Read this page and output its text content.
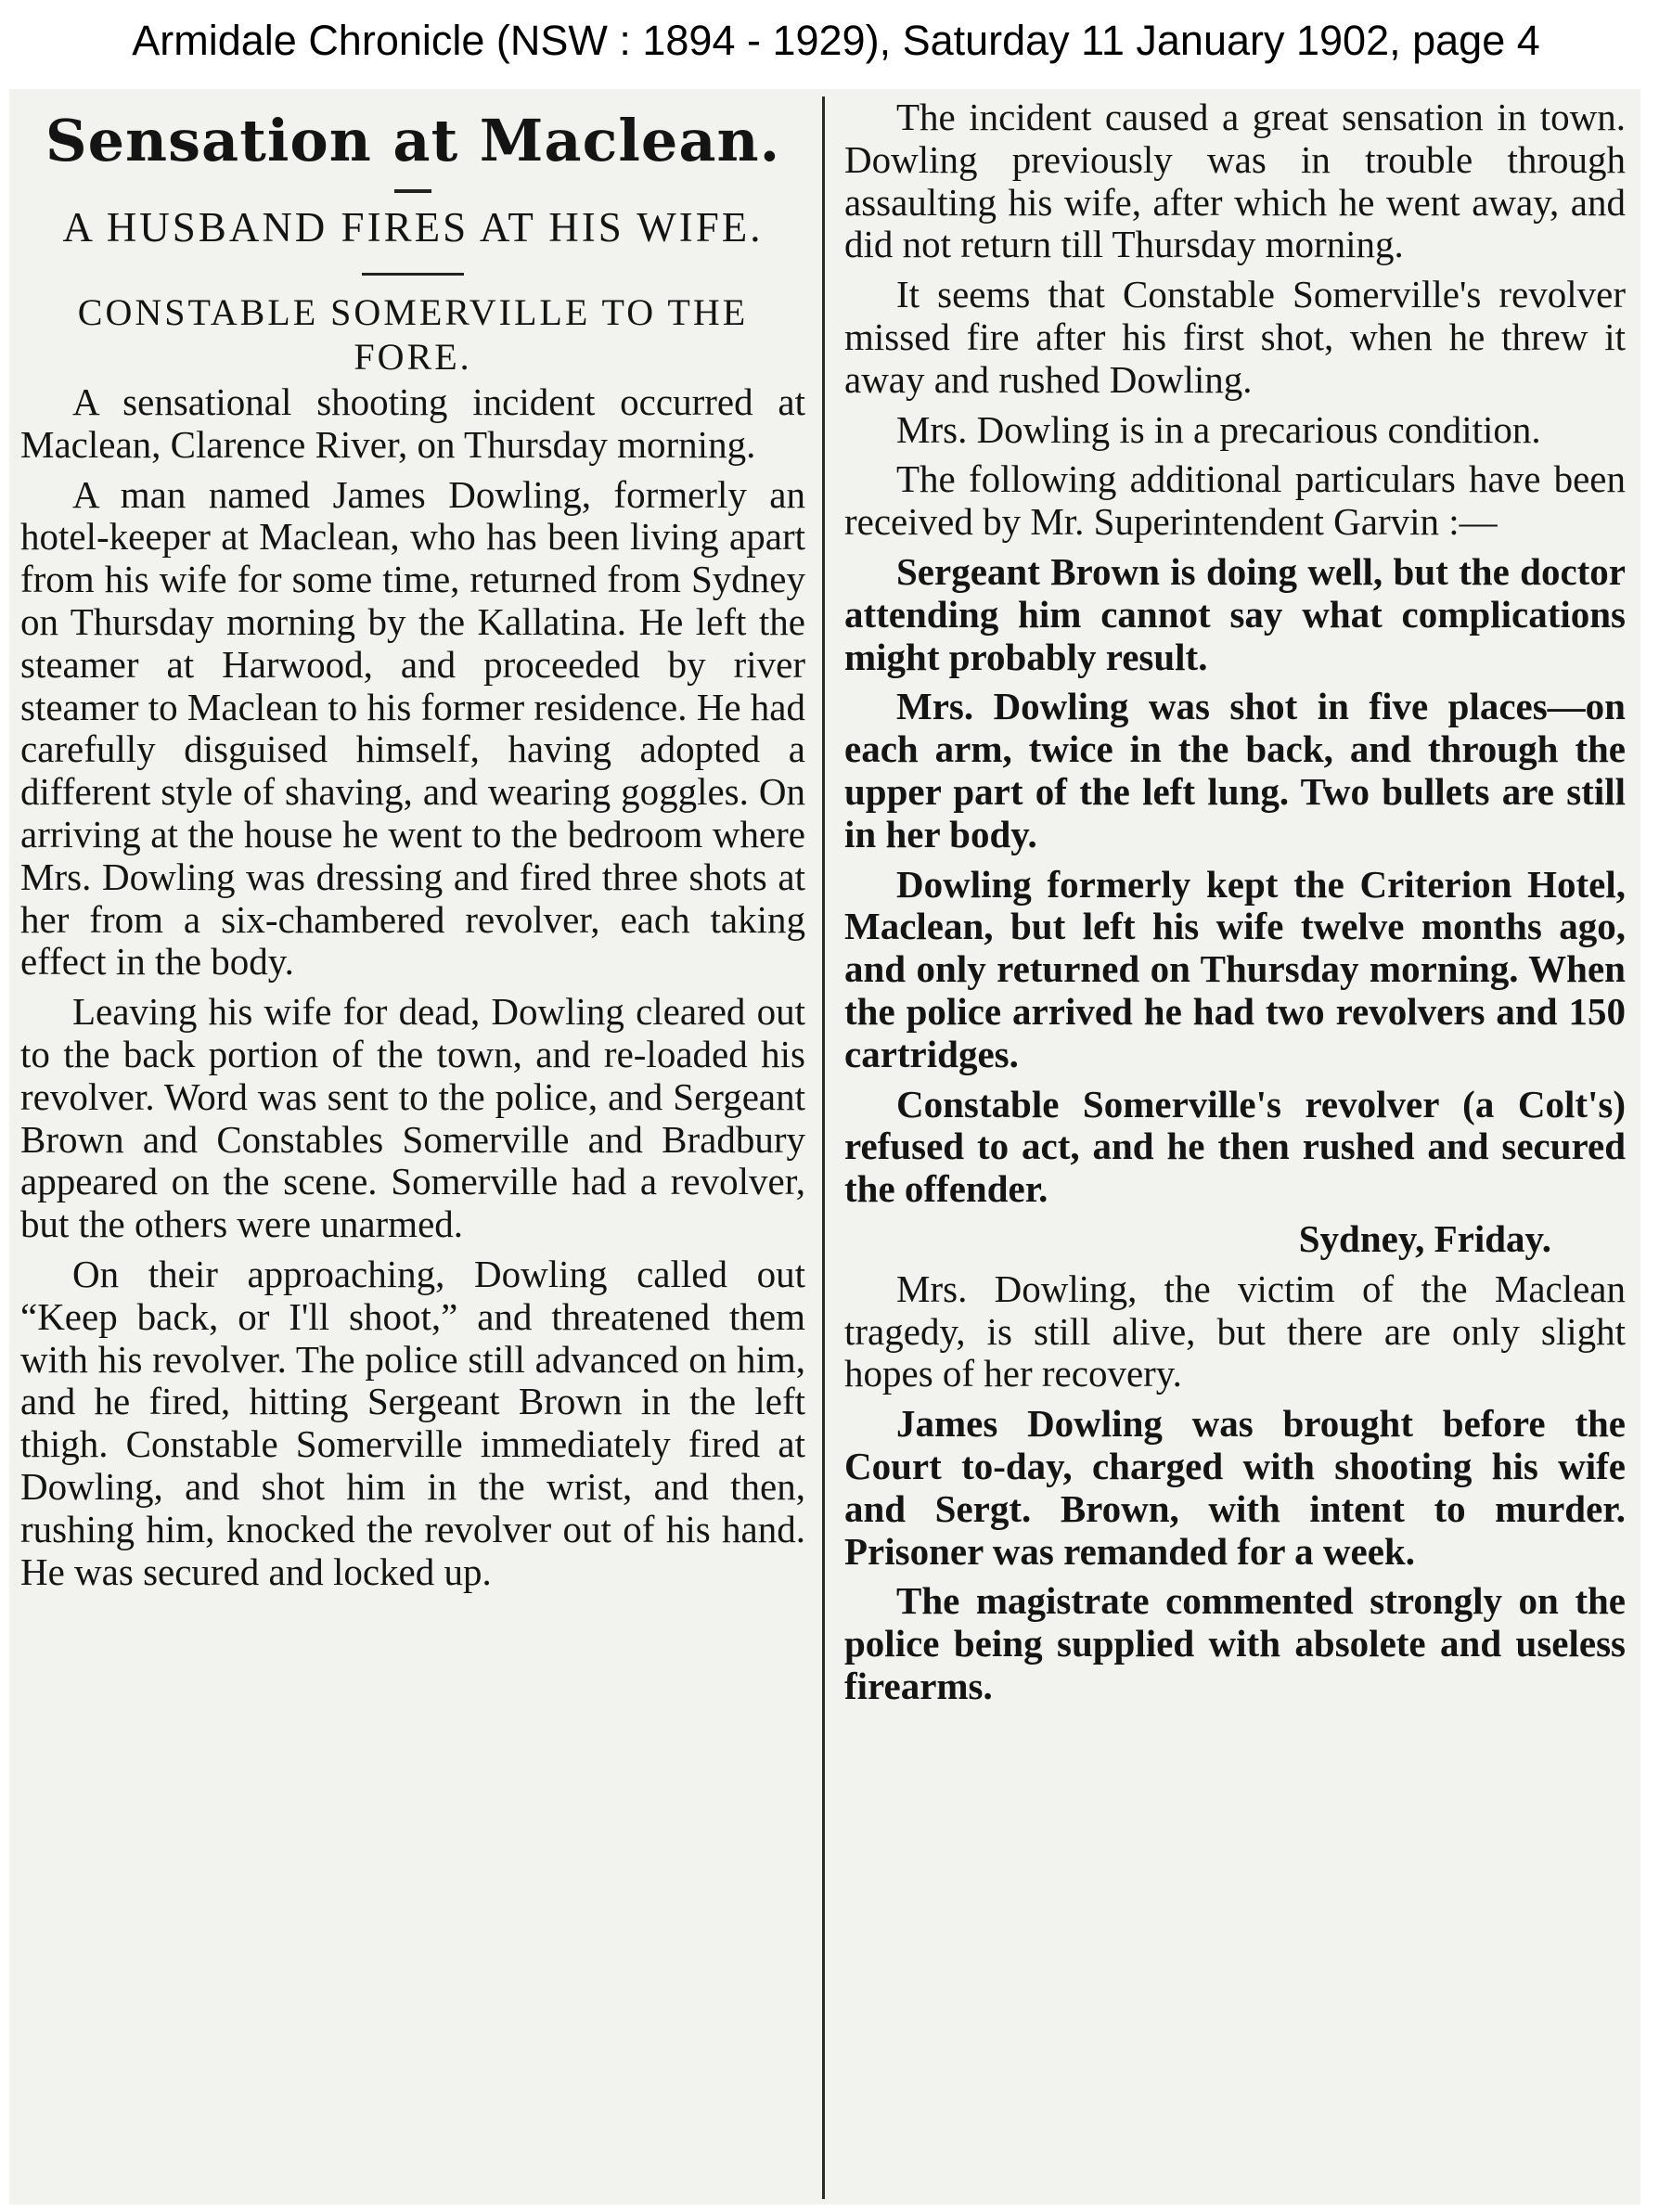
Armidale Chronicle (NSW : 1894 - 1929), Saturday 11 January 1902, page 4
Sensation at Maclean.
A HUSBAND FIRES AT HIS WIFE.
CONSTABLE SOMERVILLE TO THE FORE.

A sensational shooting incident occurred at Maclean, Clarence River, on Thursday morning.

A man named James Dowling, formerly an hotel-keeper at Maclean, who has been living apart from his wife for some time, returned from Sydney on Thursday morning by the Kallatina. He left the steamer at Harwood, and proceeded by river steamer to Maclean to his former residence. He had carefully disguised himself, having adopted a different style of shaving, and wearing goggles. On arriving at the house he went to the bedroom where Mrs. Dowling was dressing and fired three shots at her from a six-chambered revolver, each taking effect in the body.

Leaving his wife for dead, Dowling cleared out to the back portion of the town, and re-loaded his revolver. Word was sent to the police, and Sergeant Brown and Constables Somerville and Bradbury appeared on the scene. Somerville had a revolver, but the others were unarmed.

On their approaching, Dowling called out “Keep back, or I'll shoot,” and threatened them with his revolver. The police still advanced on him, and he fired, hitting Sergeant Brown in the left thigh. Constable Somerville immediately fired at Dowling, and shot him in the wrist, and then, rushing him, knocked the revolver out of his hand. He was secured and locked up.

The incident caused a great sensation in town. Dowling previously was in trouble through assaulting his wife, after which he went away, and did not return till Thursday morning.

It seems that Constable Somerville's revolver missed fire after his first shot, when he threw it away and rushed Dowling.

Mrs. Dowling is in a precarious condition.

The following additional particulars have been received by Mr. Superintendent Garvin :—

Sergeant Brown is doing well, but the doctor attending him cannot say what complications might probably result.

Mrs. Dowling was shot in five places—on each arm, twice in the back, and through the upper part of the left lung. Two bullets are still in her body.

Dowling formerly kept the Criterion Hotel, Maclean, but left his wife twelve months ago, and only returned on Thursday morning. When the police arrived he had two revolvers and 150 cartridges.

Constable Somerville's revolver (a Colt's) refused to act, and he then rushed and secured the offender.

Sydney, Friday.

Mrs. Dowling, the victim of the Maclean tragedy, is still alive, but there are only slight hopes of her recovery.

James Dowling was brought before the Court to-day, charged with shooting his wife and Sergt. Brown, with intent to murder. Prisoner was remanded for a week.

The magistrate commented strongly on the police being supplied with absolete and useless firearms.
